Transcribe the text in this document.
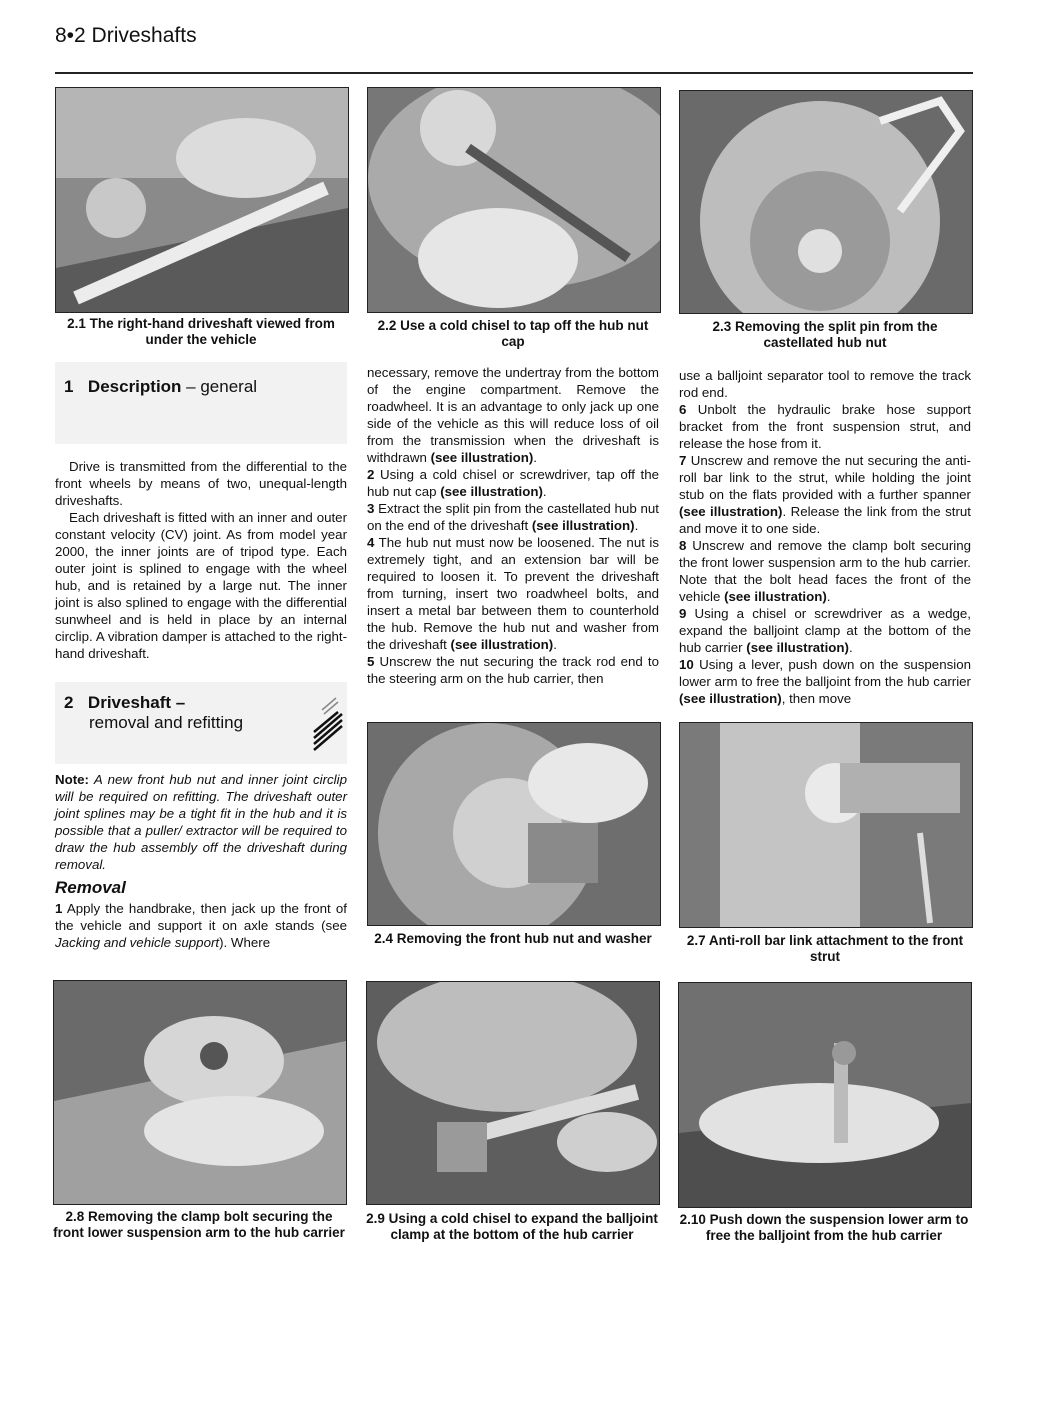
8•2 Driveshafts
2.1 The right-hand driveshaft viewed from under the vehicle
2.2 Use a cold chisel to tap off the hub nut cap
2.3 Removing the split pin from the castellated hub nut
1 Description – general

Drive is transmitted from the differential to the front wheels by means of two, unequal-length driveshafts.

Each driveshaft is fitted with an inner and outer constant velocity (CV) joint. As from model year 2000, the inner joints are of tripod type. Each outer joint is splined to engage with the wheel hub, and is retained by a large nut. The inner joint is also splined to engage with the differential sunwheel and is held in place by an internal circlip. A vibration damper is attached to the right-hand driveshaft.

2 Driveshaft –
removal and refitting

Note: A new front hub nut and inner joint circlip will be required on refitting. The driveshaft outer joint splines may be a tight fit in the hub and it is possible that a puller/ extractor will be required to draw the hub assembly off the driveshaft during removal.

Removal

1 Apply the handbrake, then jack up the front of the vehicle and support it on axle stands (see Jacking and vehicle support). Where

necessary, remove the undertray from the bottom of the engine compartment. Remove the roadwheel. It is an advantage to only jack up one side of the vehicle as this will reduce loss of oil from the transmission when the driveshaft is withdrawn (see illustration).

2 Using a cold chisel or screwdriver, tap off the hub nut cap (see illustration).

3 Extract the split pin from the castellated hub nut on the end of the driveshaft (see illustration).

4 The hub nut must now be loosened. The nut is extremely tight, and an extension bar will be required to loosen it. To prevent the driveshaft from turning, insert two roadwheel bolts, and insert a metal bar between them to counterhold the hub. Remove the hub nut and washer from the driveshaft (see illustration).

5 Unscrew the nut securing the track rod end to the steering arm on the hub carrier, then

use a balljoint separator tool to remove the track rod end.

6 Unbolt the hydraulic brake hose support bracket from the front suspension strut, and release the hose from it.

7 Unscrew and remove the nut securing the anti-roll bar link to the strut, while holding the joint stub on the flats provided with a further spanner (see illustration). Release the link from the strut and move it to one side.

8 Unscrew and remove the clamp bolt securing the front lower suspension arm to the hub carrier. Note that the bolt head faces the front of the vehicle (see illustration).

9 Using a chisel or screwdriver as a wedge, expand the balljoint clamp at the bottom of the hub carrier (see illustration).

10 Using a lever, push down on the suspension lower arm to free the balljoint from the hub carrier (see illustration), then move

2.4 Removing the front hub nut and washer	2.7 Anti-roll bar link attachment to the front strut
2.8 Removing the clamp bolt securing the front lower suspension arm to the hub carrier
2.9 Using a cold chisel to expand the balljoint clamp at the bottom of the hub carrier
2.10 Push down the suspension lower arm to free the balljoint from the hub carrier
